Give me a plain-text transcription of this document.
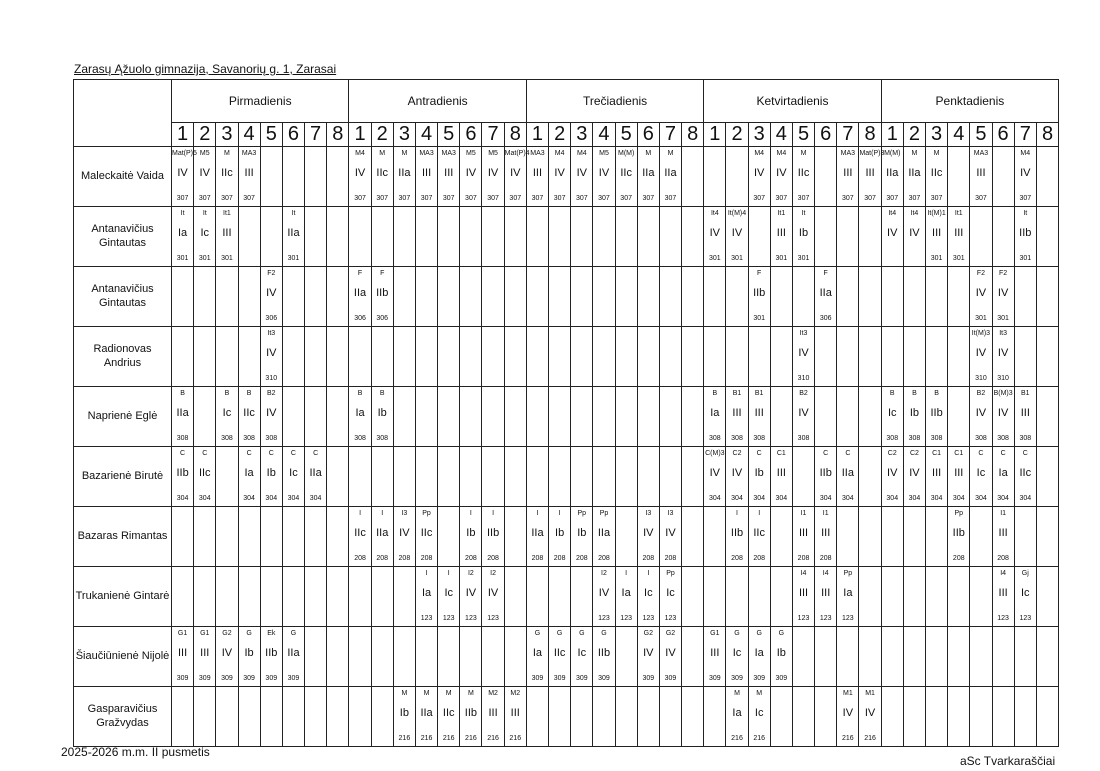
Zarasų Ąžuolo gimnazija, Savanorių g. 1, Zarasai
	Pirmadienis								Antradienis								Trečiadienis								Ketvirtadienis								Penktadienis							
	1	2	3	4	5	6	7	8	1	2	3	4	5	6	7	8	1	2	3	4	5	6	7	8	1	2	3	4	5	6	7	8	1	2	3	4	5	6	7	8
Maleckaitė Vaida	Mat(P)5
IV
307	M5
IV
307	M
IIc
307	MA3
III
307					M4
IV
307	M
IIc
307	M
IIa
307	MA3
III
307	MA3
III
307	M5
IV
307	M5
IV
307	Mat(P)4
IV
307	MA3
III
307	M4
IV
307	M4
IV
307	M5
IV
307	M(M)
IIc
307	M
IIa
307	M
IIa
307				M4
IV
307	M4
IV
307	M
IIc
307		MA3
III
307	Mat(P)3
III
307	M(M)
IIa
307	M
IIa
307	M
IIc
307		MA3
III
307		M4
IV
307	

Antanavičius Gintautas	It
Ia
301	It
Ic
301	It1
III
301			It
IIa
301																			It4
IV
301	It(M)4
IV
301		It1
III
301	It
Ib
301				It4
IV	It4
IV	It(M)1
III
301	It1
III
301			It
IIb
301	

Antanavičius Gintautas					F2
IV
306				F
IIa
306	F
IIb
306																	F
IIb
301			F
IIa
306							F2
IV
301	F2
IV
301		

Radionovas Andrius					It3
IV
310																								It3
IV
310								It(M)3
IV
310	It3
IV
310		

Naprienė Eglė	B
IIa
308		B
Ic
308	B
IIc
308	B2
IV
308				B
Ia
308	B
Ib
308															B
Ia
308	B1
III
308	B1
III
308		B2
IV
308				B
Ic
308	B
Ib
308	B
IIb
308		B2
IV
308	B(M)3
IV
308	B1
III
308	

Bazarienė Birutė	C
IIb
304	C
IIc
304		C
Ia
304	C
Ib
304	C
Ic
304	C
IIa
304																		C(M)3
IV
304	C2
IV
304	C
Ib
304	C1
III
304		C
IIb
304	C
IIa
304		C2
IV
304	C2
IV
304	C1
III
304	C1
III
304	C
Ic
304	C
Ia
304	C
IIc
304	

Bazaras Rimantas									I
IIc
208	I
IIa
208	I3
IV
208	Pp
IIc
208		I
Ib
208	I
IIb
208		I
IIa
208	I
Ib
208	Pp
Ib
208	Pp
IIa
208		I3
IV
208	I3
IV
208			I
IIb
208	I
IIc
208		I1
III
208	I1
III
208						Pp
IIb
208		I1
III
208		

Trukanienė Gintarė												I
Ia
123	I
Ic
123	I2
IV
123	I2
IV
123					I2
IV
123	I
Ia
123	I
Ic
123	Pp
Ic
123						I4
III
123	I4
III
123	Pp
Ia
123							I4
III
123	Gj
Ic
123	

Šiaučiūnienė Nijolė	G1
III
309	G1
III
309	G2
IV
309	G
Ib
309	Ek
IIb
309	G
IIa
309											G
Ia
309	G
IIc
309	G
Ic
309	G
IIb
309		G2
IV
309	G2
IV
309		G1
III
309	G
Ic
309	G
Ia
309	G
Ib
309												

Gasparavičius Gražvydas											M
Ib
216	M
IIa
216	M
IIc
216	M
IIb
216	M2
III
216	M2
III
216										M
Ia
216	M
Ic
216				M1
IV
216	M1
IV
216								

2025-2026 m.m. II pusmetis
aSc Tvarkaraščiai
